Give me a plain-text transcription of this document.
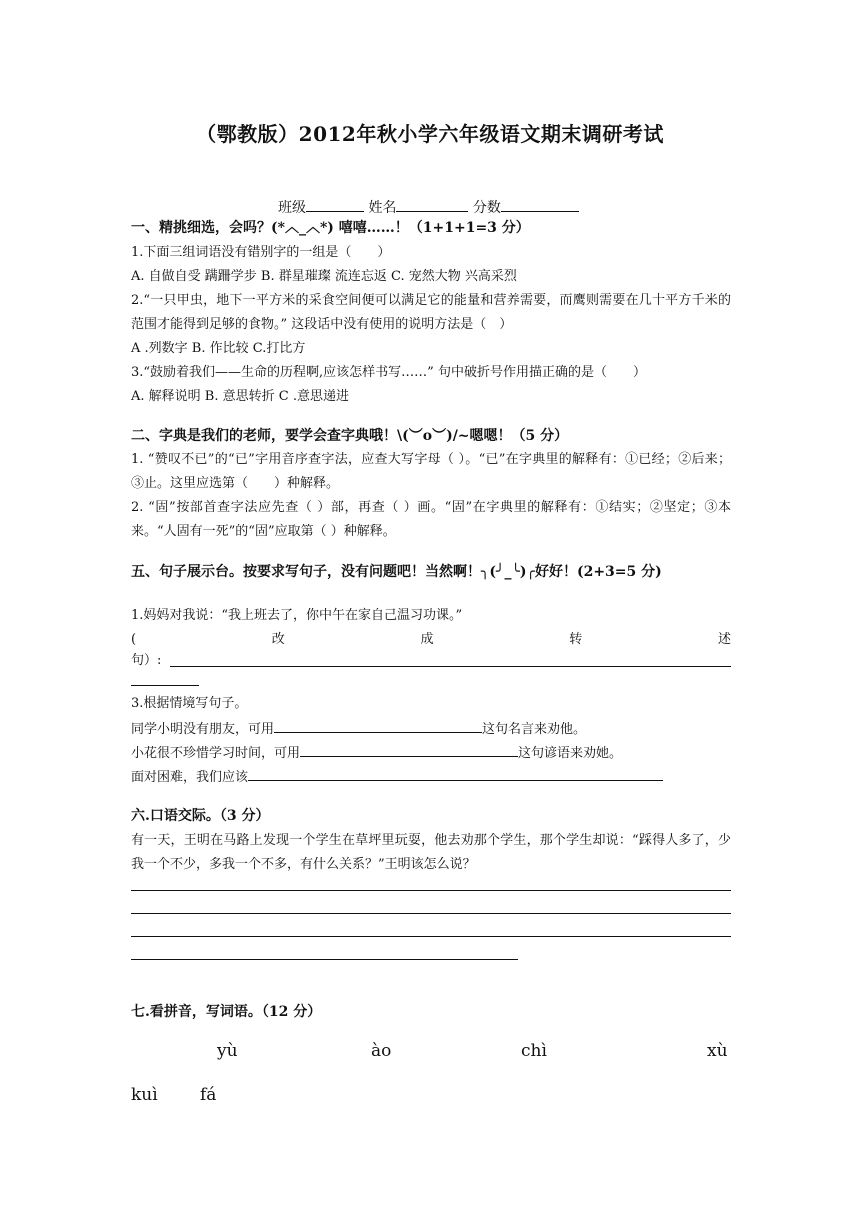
（鄂教版）2012年秋小学六年级语文期末调研考试
班级	姓名	分数
一、精挑细选，会吗？(*︿_︿*) 嘻嘻……！（1+1+1=3 分）
1.下面三组词语没有错别字的一组是（　　）
A. 自做自受 蹒跚学步 B. 群星璀璨 流连忘返 C. 宠然大物 兴高采烈
2.“一只甲虫，地下一平方米的采食空间便可以满足它的能量和营养需要，而鹰则需要在几十平方千米的范围才能得到足够的食物。” 这段话中没有使用的说明方法是（　）
A .列数字 B. 作比较 C.打比方
3.“鼓励着我们——生命的历程啊,应该怎样书写……” 句中破折号作用描正确的是（　　）
A. 解释说明 B. 意思转折 C .意思递进
二、字典是我们的老师，要学会查字典哦！\(︶o︶)/~嗯嗯！（5 分）
1. “赞叹不已”的“已”字用音序查字法，应查大写字母（ ）。“已”在字典里的解释有：①已经；②后来；③止。这里应选第（　　）种解释。
2. “固”按部首查字法应先查（ ）部，再查（ ）画。“固”在字典里的解释有：①结实；②坚定；③本来。“人固有一死”的“固”应取第（ ）种解释。
五、句子展示台。按要求写句子，没有问题吧！当然啊！╮(╯_╰)╭好好！(2+3=5 分)
1.妈妈对我说：“我上班去了，你中午在家自己温习功课。”
(	改	成	转	述
句）:
3.根据情境写句子。
同学小明没有朋友，可用	这句名言来劝他。
小花很不珍惜学习时间，可用	这句谚语来劝她。
面对困难，我们应该
六.口语交际。（3 分）
有一天，王明在马路上发现一个学生在草坪里玩耍，他去劝那个学生，那个学生却说：“踩得人多了，少我一个不少，多我一个不多，有什么关系？”王明该怎么说？
七.看拼音，写词语。（12 分）
yù	ào	chì	xù
kuì fá
